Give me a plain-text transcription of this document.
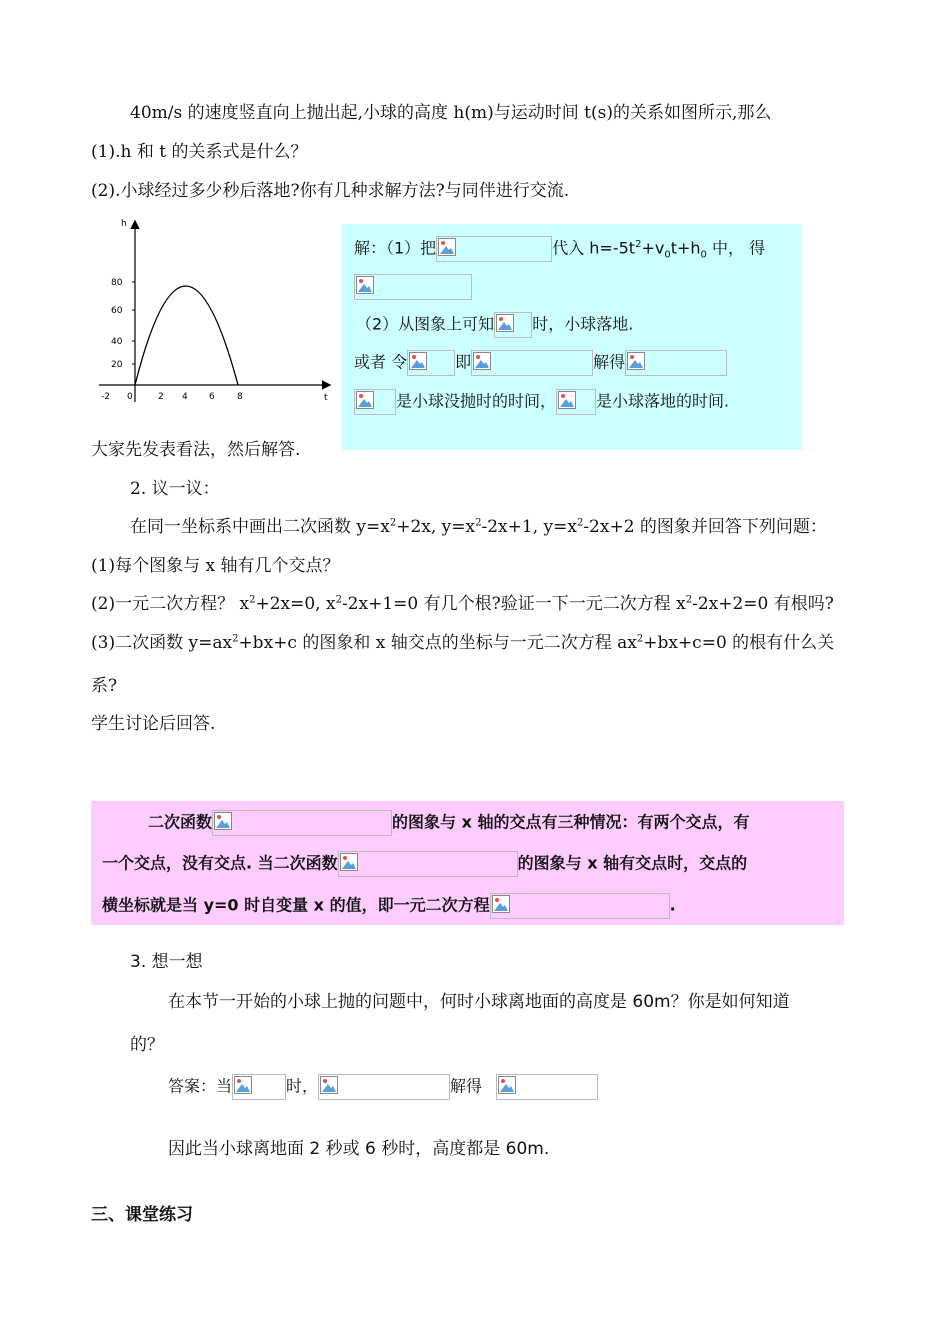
40m/s 的速度竖直向上抛出起,小球的高度 h(m)与运动时间 t(s)的关系如图所示,那么
(1).h 和 t 的关系式是什么？
(2).小球经过多少秒后落地?你有几种求解方法?与同伴进行交流.
h
t
80
60
40
20
-2 0	2 4 6 8
解：（1）把	代入 $h=-5t^2+v_0t+h_0$ 中， 得
（2）从图象上可知 时，小球落地.
或者 令	即	解得
是小球没抛时的时间，	是小球落地的时间.
大家先发表看法，然后解答.
2. 议一议：
在同一坐标系中画出二次函数 $y=x^2+2x$, $y=x^2-2x+1$, $y=x^2-2x+2$ 的图象并回答下列问题：
(1)每个图象与 x 轴有几个交点？
(2)一元二次方程？ $x^2+2x=0$, $x^2-2x+1=0$ 有几个根?验证一下一元二次方程 $x^2-2x+2=0$ 有根吗?
(3)二次函数 $y=ax^2+bx+c$ 的图象和 x 轴交点的坐标与一元二次方程 $ax^2+bx+c=0$ 的根有什么关
系?
学生讨论后回答.
二次函数	的图象与 x 轴的交点有三种情况：有两个交点，有
一个交点，没有交点. 当二次函数	的图象与 x 轴有交点时，交点的
横坐标就是当 y=0 时自变量 x 的值，即一元二次方程	.
3. 想一想
在本节一开始的小球上抛的问题中，何时小球离地面的高度是 60m？你是如何知道
的？
答案：当	时，	解得
因此当小球离地面 2 秒或 6 秒时，高度都是 60m.
三、课堂练习
